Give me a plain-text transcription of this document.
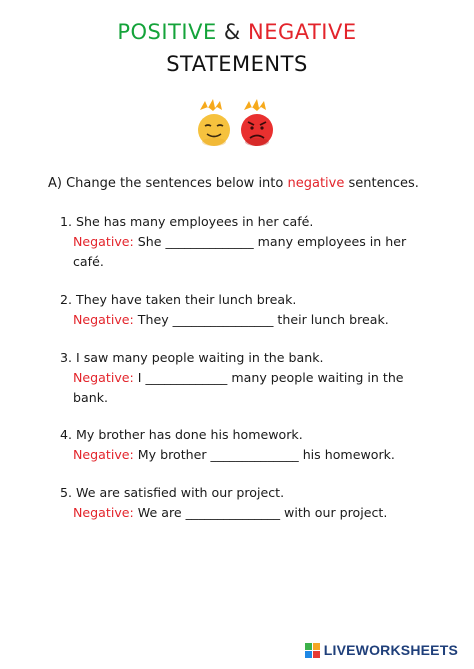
POSITIVE & NEGATIVE
STATEMENTS
A) Change the sentences below into negative sentences.
1. She has many employees in her café.
Negative: She ______________ many employees in her
café.
2. They have taken their lunch break.
Negative: They ________________ their lunch break.
3. I saw many people waiting in the bank.
Negative: I _____________ many people waiting in the
bank.
4. My brother has done his homework.
Negative: My brother ______________ his homework.
5. We are satisfied with our project.
Negative: We are _______________ with our project.
LIVEWORKSHEETS
